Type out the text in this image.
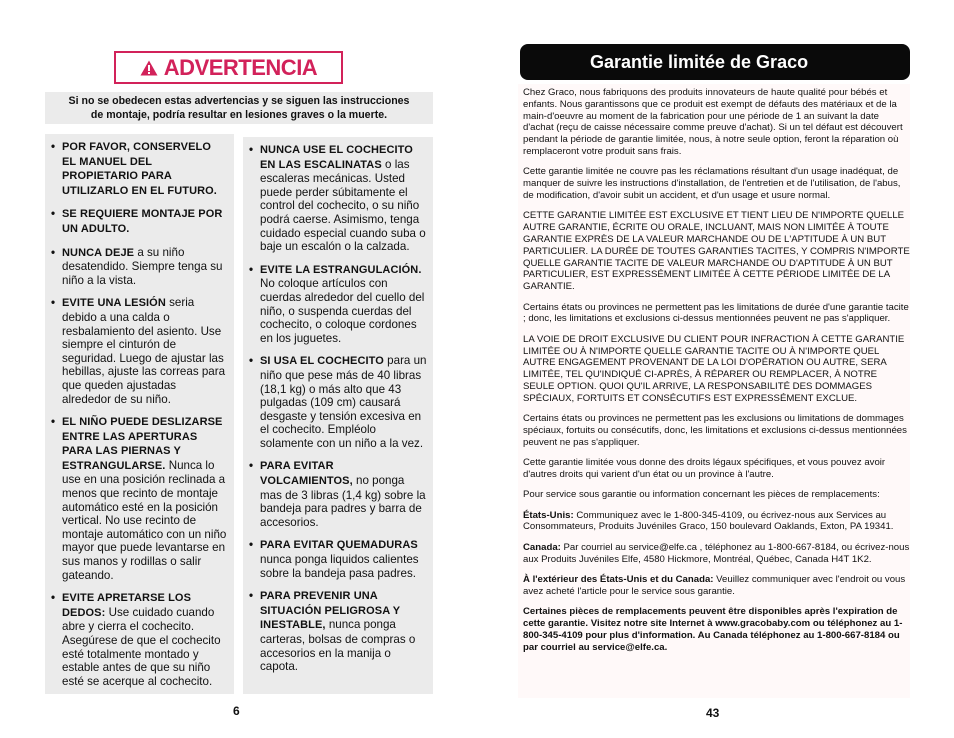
ADVERTENCIA
Si no se obedecen estas advertencias y se siguen las instrucciones
de montaje, podría resultar en lesiones graves o la muerte.
• POR FAVOR, CONSERVELO EL MANUEL DEL PROPIETARIO PARA UTILIZARLO EN EL FUTURO.
• SE REQUIERE MONTAJE POR UN ADULTO.
• NUNCA DEJE a su niño desatendido. Siempre tenga su niño a la vista.
• EVITE UNA LESIÓN seria debido a una calda o resbalamiento del asiento. Use siempre el cinturón de seguridad. Luego de ajustar las hebillas, ajuste las correas para que queden ajustadas alrededor de su niño.
• EL NIÑO PUEDE DESLIZARSE ENTRE LAS APERTURAS PARA LAS PIERNAS Y ESTRANGULARSE. Nunca lo use en una posición reclinada a menos que recinto de montaje automático esté en la posición vertical. No use recinto de montaje automático con un niño mayor que puede levantarse en sus manos y rodillas o salir gateando.
• EVITE APRETARSE LOS DEDOS: Use cuidado cuando abre y cierra el cochecito. Asegúrese de que el cochecito esté totalmente montado y estable antes de que su niño esté se acerque al cochecito.
• NUNCA USE EL COCHECITO EN LAS ESCALINATAS o las escaleras mecánicas. Usted puede perder súbitamente el control del cochecito, o su niño podrá caerse. Asimismo, tenga cuidado especial cuando suba o baje un escalón o la calzada.
• EVITE LA ESTRANGULACIÓN. No coloque artículos con cuerdas alrededor del cuello del niño, o suspenda cuerdas del cochecito, o coloque cordones en los juguetes.
• SI USA EL COCHECITO para un niño que pese más de 40 libras (18,1 kg) o más alto que 43 pulgadas (109 cm) causará desgaste y tensión excesiva en el cochecito. Empléolo solamente con un niño a la vez.
• PARA EVITAR VOLCAMIENTOS, no ponga mas de 3 libras (1,4 kg) sobre la bandeja para padres y barra de accesorios.
• PARA EVITAR QUEMADURAS nunca ponga liquidos calientes sobre la bandeja pasa padres.
• PARA PREVENIR UNA SITUACIÓN PELIGROSA Y INESTABLE, nunca ponga carteras, bolsas de compras o accesorios en la manija o capota.
6
Garantie limitée de Graco

Chez Graco, nous fabriquons des produits innovateurs de haute qualité pour bébés et enfants. Nous garantissons que ce produit est exempt de défauts des matériaux et de la main-d'oeuvre au moment de la fabrication pour une période de 1 an suivant la date d'achat (reçu de caisse nécessaire comme preuve d'achat). Si un tel défaut est découvert pendant la période de garantie limitée, nous, à notre seule option, feront la réparation où remplaceront votre produit sans frais.

Cette garantie limitée ne couvre pas les réclamations résultant d'un usage inadéquat, de manquer de suivre les instructions d'installation, de l'entretien et de l'utilisation, de l'abus, de modification, d'avoir subit un accident, et d'un usage et usure normal.

CETTE GARANTIE LIMITÉE EST EXCLUSIVE ET TIENT LIEU DE N'IMPORTE QUELLE AUTRE GARANTIE, ÉCRITE OU ORALE, INCLUANT, MAIS NON LIMITÉE À TOUTE GARANTIE EXPRÈS DE LA VALEUR MARCHANDE OU DE L'APTITUDE À UN BUT PARTICULIER. LA DURÉE DE TOUTES GARANTIES TACITES, Y COMPRIS N'IMPORTE QUELLE GARANTIE TACITE DE VALEUR MARCHANDE OU D'APTITUDE À UN BUT PARTICULIER, EST EXPRESSÉMENT LIMITÉE À CETTE PÉRIODE LIMITÉE DE LA GARANTIE.

Certains états ou provinces ne permettent pas les limitations de durée d'une garantie tacite ; donc, les limitations et exclusions ci-dessus mentionnées peuvent ne pas s'appliquer.

LA VOIE DE DROIT EXCLUSIVE DU CLIENT POUR INFRACTION À CETTE GARANTIE LIMITÉE OU À N'IMPORTE QUELLE GARANTIE TACITE OU À N'IMPORTE QUEL AUTRE ENGAGEMENT PROVENANT DE LA LOI D'OPÉRATION OU AUTRE, SERA LIMITÉE, TEL QU'INDIQUÉ CI-APRÈS, À RÉPARER OU REMPLACER, À NOTRE SEULE OPTION. QUOI QU'IL ARRIVE, LA RESPONSABILITÉ DES DOMMAGES SPÉCIAUX, FORTUITS ET CONSÉCUTIFS EST EXPRESSÉMENT EXCLUE.

Certains états ou provinces ne permettent pas les exclusions ou limitations de dommages spéciaux, fortuits ou consécutifs, donc, les limitations et exclusions ci-dessus mentionnées peuvent ne pas s'appliquer.

Cette garantie limitée vous donne des droits légaux spécifiques, et vous pouvez avoir d'autres droits qui varient d'un état ou un province à l'autre.

Pour service sous garantie ou information concernant les pièces de remplacements:

États-Unis: Communiquez avec le 1-800-345-4109, ou écrivez-nous aux Services au Consommateurs, Produits Juvéniles Graco, 150 boulevard Oaklands, Exton, PA 19341.

Canada: Par courriel au service@elfe.ca , téléphonez au 1-800-667-8184, ou écrivez-nous aux Produits Juvéniles Elfe, 4580 Hickmore, Montréal, Québec, Canada H4T 1K2.

À l'extérieur des États-Unis et du Canada: Veuillez communiquer avec l'endroit ou vous avez acheté l'article pour le service sous garantie.

Certaines pièces de remplacements peuvent être disponibles après l'expiration de cette garantie. Visitez notre site Internet à www.gracobaby.com ou téléphonez au 1-800-345-4109 pour plus d'information. Au Canada téléphonez au 1-800-667-8184 ou par courriel au service@elfe.ca.

43
